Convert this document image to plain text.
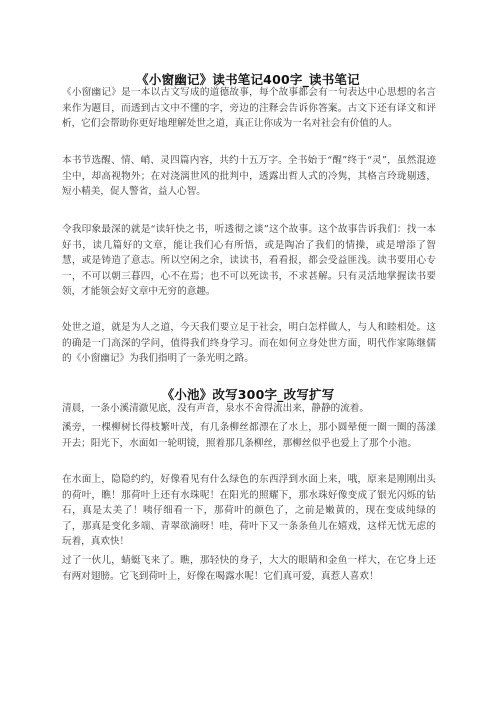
《小窗幽记》读书笔记400字_读书笔记

《小窗幽记》是一本以古文写成的道德故事，每个故事都会有一句表达中心思想的名言来作为题目，而透到古文中不懂的字，旁边的注释会告诉你答案。古文下还有译文和评析，它们会帮助你更好地理解处世之道，真正让你成为一名对社会有价值的人。

本书节选醒、情、峭、灵四篇内容，共约十五万字。全书始于“醒”终于“灵”，虽然混迹尘中，却高视物外；在对浇漓世风的批判中，透露出哲人式的冷隽，其格言玲珑剔透，短小精美，促人警省，益人心智。

令我印象最深的就是“读轩快之书，听透彻之谈”这个故事。这个故事告诉我们：找一本好书，读几篇好的文章，能让我们心有所悟，或是陶冶了我们的情操，或是增添了智慧，或是铸造了意志。所以空闲之余，读读书，看看报，都会受益匪浅。读书要用心专一，不可以朝三暮四，心不在焉；也不可以死读书，不求甚解。只有灵活地掌握读书要领，才能领会好文章中无穷的意趣。

处世之道，就是为人之道，今天我们要立足于社会，明白怎样做人，与人和睦相处。这的确是一门高深的学问，值得我们终身学习。而在如何立身处世方面，明代作家陈继儒的《小窗幽记》为我们指明了一条光明之路。

《小池》改写300字_改写扩写

清晨，一条小溪清澈见底，没有声音，泉水不舍得流出来，静静的流着。

溪旁，一棵柳树长得枝繁叶茂，有几条柳丝都漂在了水上，那小圆晕便一圈一圈的荡漾开去；阳光下，水面如一轮明镜，照着那几条柳丝，那柳丝似乎也爱上了那个小池。

在水面上，隐隐约约，好像看见有什么绿色的东西浮到水面上来，哦，原来是刚刚出头的荷叶，瞧！那荷叶上还有水珠呢！在阳光的照耀下，那水珠好像变成了银光闪烁的钻石，真是太美了！咦仔细看一下，那荷叶的颜色了，之前是嫩黄的，现在变成纯绿的了，那真是变化多端、青翠欲滴呀！哇，荷叶下又一条条鱼儿在嬉戏，这样无忧无虑的玩着，真欢快！

过了一伙儿，蜻蜓飞来了。瞧，那轻快的身子，大大的眼睛和金鱼一样大，在它身上还有两对翅膀。它飞到荷叶上，好像在喝露水呢！它们真可爱，真惹人喜欢！
